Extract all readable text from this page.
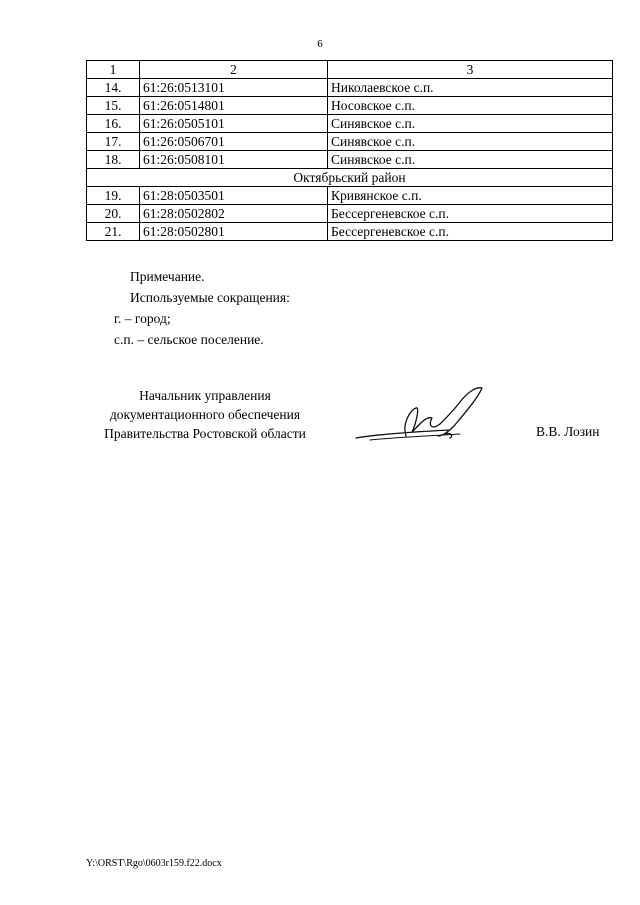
6
1	2	3
14.	61:26:0513101	Николаевское с.п.
15.	61:26:0514801	Носовское с.п.
16.	61:26:0505101	Синявское с.п.
17.	61:26:0506701	Синявское с.п.
18.	61:26:0508101	Синявское с.п.
Октябрьский район		
19.	61:28:0503501	Кривянское с.п.
20.	61:28:0502802	Бессергеневское с.п.
21.	61:28:0502801	Бессергеневское с.п.
Примечание.
Используемые сокращения:
г. – город;
с.п. – сельское поселение.
Начальник управления
документационного обеспечения
Правительства Ростовской области	В.В. Лозин
Y:\ORST\Rgo\0603r159.f22.docx
